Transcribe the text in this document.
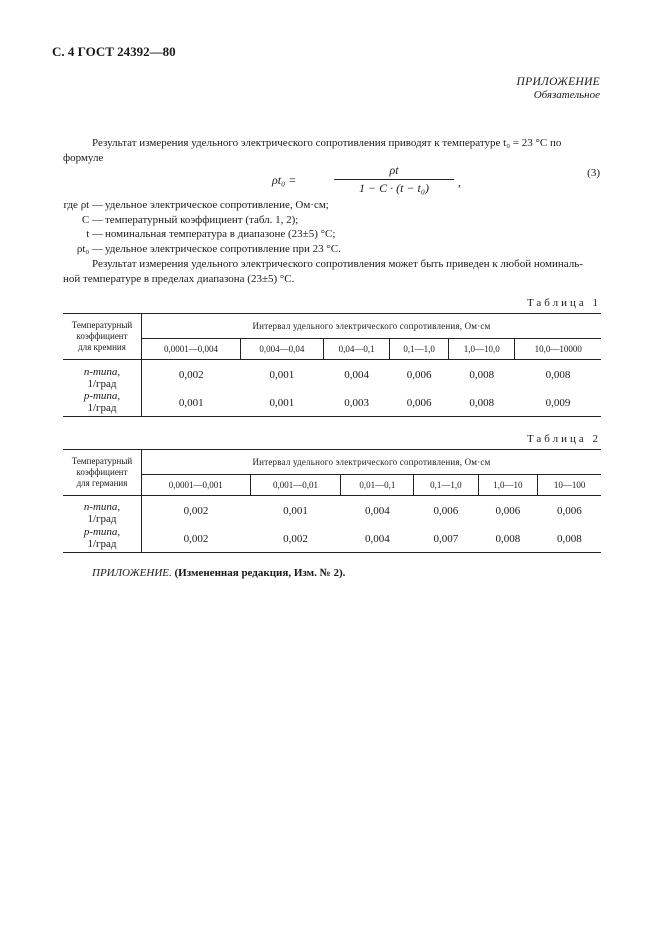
С. 4 ГОСТ 24392—80
ПРИЛОЖЕНИЕ
Обязательное
Результат измерения удельного электрического сопротивления приводят к температуре t₀ = 23 °С по
формуле
ρt₀ =
ρt
1 − C · (t − t₀)	,
(3)
где ρt — удельное электрическое сопротивление, Ом·см;
C — температурный коэффициент (табл. 1, 2);
t — номинальная температура в диапазоне (23±5) °С;
ρt₀ — удельное электрическое сопротивление при 23 °С.
Результат измерения удельного электрического сопротивления может быть приведен к любой номиналь-
ной температуре в пределах диапазона (23±5) °С.
Таблица 1
Температурный
коэффициент
для кремния	Интервал удельного электрического сопротивления, Ом·см					
	0,0001—0,004	0,004—0,04	0,04—0,1	0,1—1,0	1,0—10,0	10,0—10000
n-типа,
1/град	0,002	0,001	0,004	0,006	0,008	0,008
p-типа,
1/град	0,001	0,001	0,003	0,006	0,008	0,009
Таблица 2
Температурный
коэффициент
для германия	Интервал удельного электрического сопротивления, Ом·см					
	0,0001—0,001	0,001—0,01	0,01—0,1	0,1—1,0	1,0—10	10—100
n-типа,
1/град	0,002	0,001	0,004	0,006	0,006	0,006
p-типа,
1/град	0,002	0,002	0,004	0,007	0,008	0,008
ПРИЛОЖЕНИЕ. (Измененная редакция, Изм. № 2).
